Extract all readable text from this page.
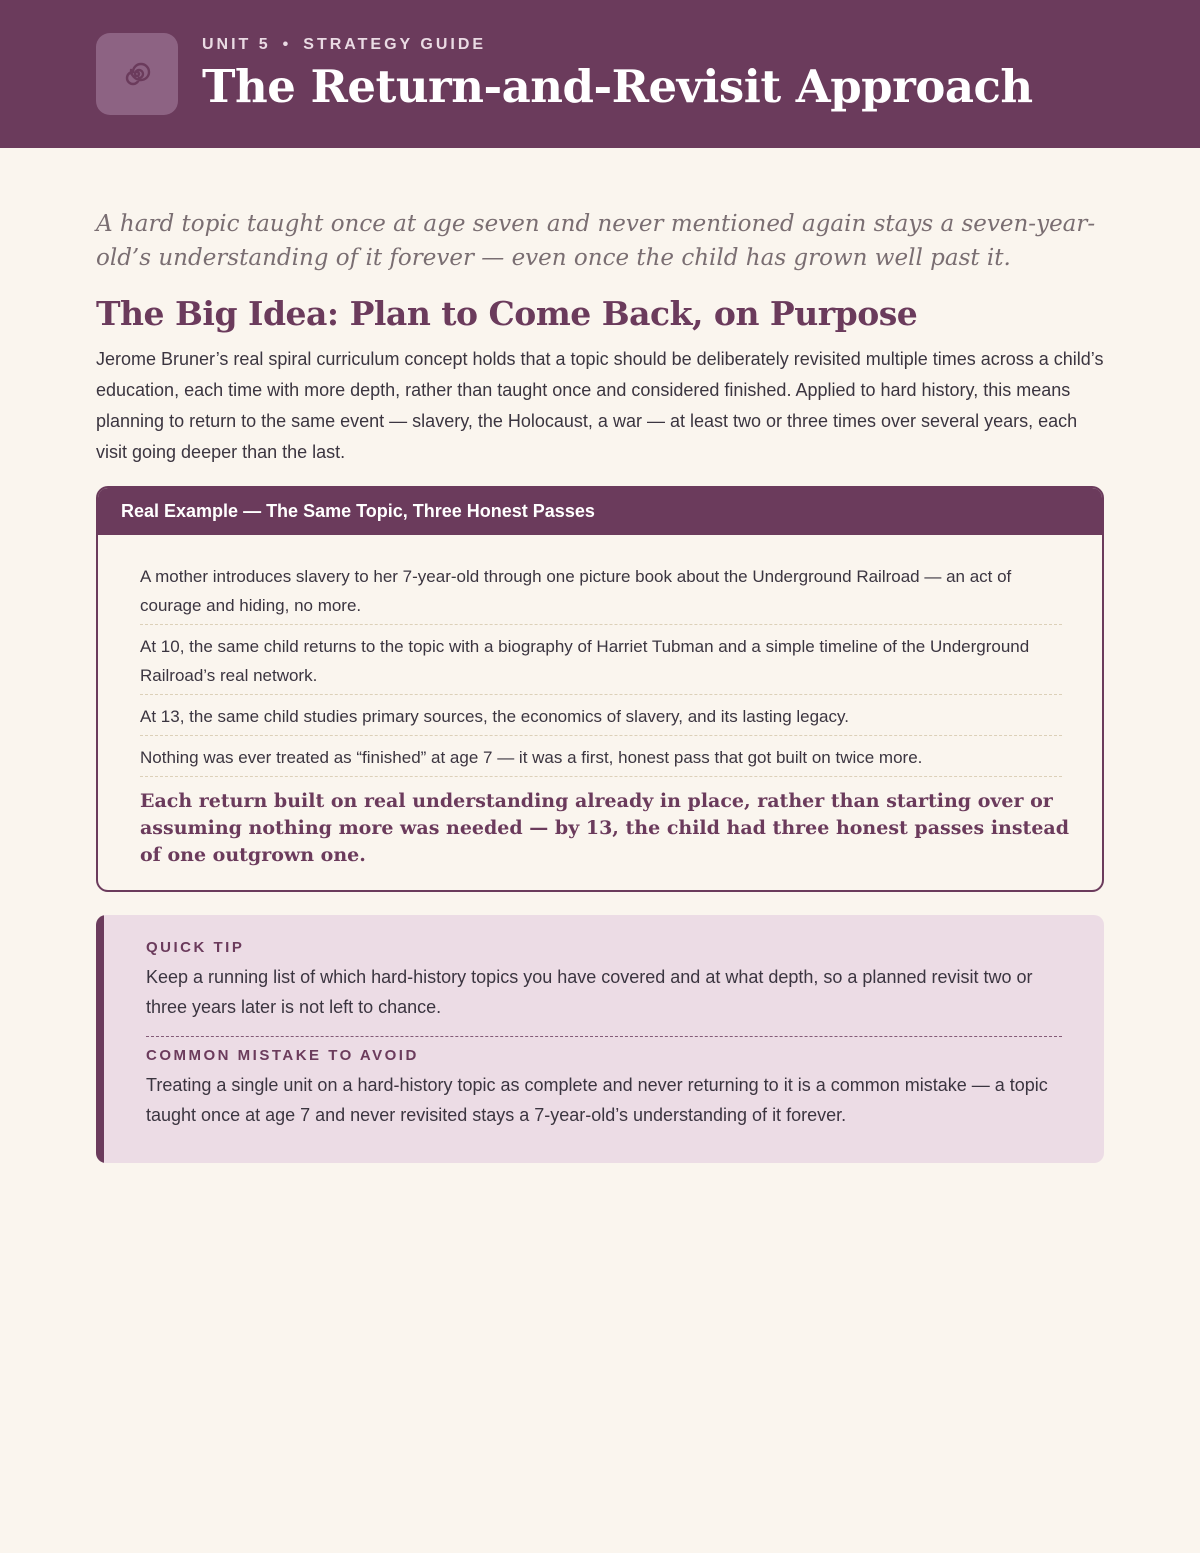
UNIT 5 • STRATEGY GUIDE
The Return-and-Revisit Approach

A hard topic taught once at age seven and never mentioned again stays a seven-year-old’s understanding of it forever — even once the child has grown well past it.

The Big Idea: Plan to Come Back, on Purpose

Jerome Bruner’s real spiral curriculum concept holds that a topic should be deliberately revisited multiple times across a child’s education, each time with more depth, rather than taught once and considered finished. Applied to hard history, this means planning to return to the same event — slavery, the Holocaust, a war — at least two or three times over several years, each visit going deeper than the last.

Real Example — The Same Topic, Three Honest Passes
A mother introduces slavery to her 7-year-old through one picture book about the Underground Railroad — an act of courage and hiding, no more.
At 10, the same child returns to the topic with a biography of Harriet Tubman and a simple timeline of the Underground Railroad’s real network.
At 13, the same child studies primary sources, the economics of slavery, and its lasting legacy.
Nothing was ever treated as “finished” at age 7 — it was a first, honest pass that got built on twice more.

Each return built on real understanding already in place, rather than starting over or assuming nothing more was needed — by 13, the child had three honest passes instead of one outgrown one.

QUICK TIP

Keep a running list of which hard-history topics you have covered and at what depth, so a planned revisit two or three years later is not left to chance.

COMMON MISTAKE TO AVOID

Treating a single unit on a hard-history topic as complete and never returning to it is a common mistake — a topic taught once at age 7 and never revisited stays a 7-year-old’s understanding of it forever.
